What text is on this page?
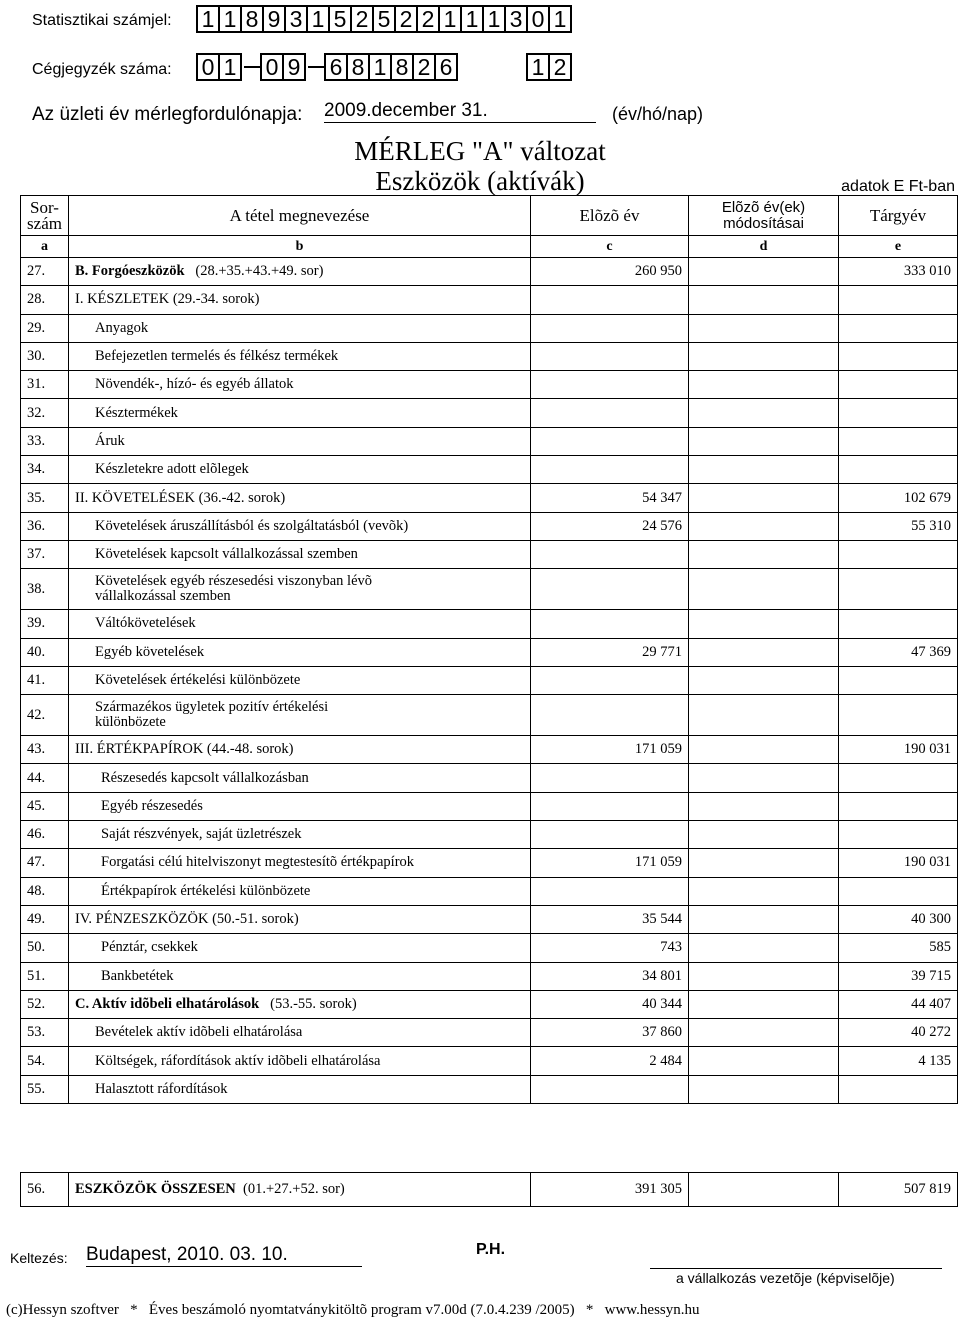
Statisztikai számjel: 1 1 8 9 3 1 5 2 5 2 2 1 1 1 3 0 1
Cégjegyzék száma: 0 1 0 9 6 8 1 8 2 6	1 2
Az üzleti év mérlegfordulónapja: 2009.december 31.	(év/hó/nap)
MÉRLEG "A" változat
Eszközök (aktívák)	adatok E Ft-ban
Sor-
szám	A tétel megnevezése	Elõzõ év	Elõzõ év(ek)
módosításai	Tárgyév
a	b	c	d	e
27.	B. Forgóeszközök   (28.+35.+43.+49. sor)	260 950		333 010
28.	I. KÉSZLETEK (29.-34. sorok)			
29.	Anyagok			
30.	Befejezetlen termelés és félkész termékek			
31.	Növendék-, hízó- és egyéb állatok			
32.	Késztermékek			
33.	Áruk			
34.	Készletekre adott elõlegek			
35.	II. KÖVETELÉSEK (36.-42. sorok)	54 347		102 679
36.	Követelések áruszállításból és szolgáltatásból (vevõk)	24 576		55 310
37.	Követelések kapcsolt vállalkozással szemben			
38.	Követelések egyéb részesedési viszonyban lévõ vállalkozással szemben			
39.	Váltókövetelések			
40.	Egyéb követelések	29 771		47 369
41.	Követelések értékelési különbözete			
42.	Származékos ügyletek pozitív értékelési különbözete			
43.	III. ÉRTÉKPAPÍROK (44.-48. sorok)	171 059		190 031
44.	Részesedés kapcsolt vállalkozásban			
45.	Egyéb részesedés			
46.	Saját részvények, saját üzletrészek			
47.	Forgatási célú hitelviszonyt megtestesítõ értékpapírok	171 059		190 031
48.	Értékpapírok értékelési különbözete			
49.	IV. PÉNZESZKÖZÖK (50.-51. sorok)	35 544		40 300
50.	Pénztár, csekkek	743		585
51.	Bankbetétek	34 801		39 715
52.	C. Aktív idõbeli elhatárolások   (53.-55. sorok)	40 344		44 407
53.	Bevételek aktív idõbeli elhatárolása	37 860		40 272
54.	Költségek, ráfordítások aktív idõbeli elhatárolása	2 484		4 135
55.	Halasztott ráfordítások			
56.	ESZKÖZÖK ÖSSZESEN  (01.+27.+52. sor)	391 305		507 819
Keltezés: Budapest, 2010. 03. 10.	P.H.
a vállalkozás vezetõje (képviselõje)
(c)Hessyn szoftver   *   Éves beszámoló nyomtatványkitöltõ program v7.00d (7.0.4.239 /2005)   *   www.hessyn.hu
